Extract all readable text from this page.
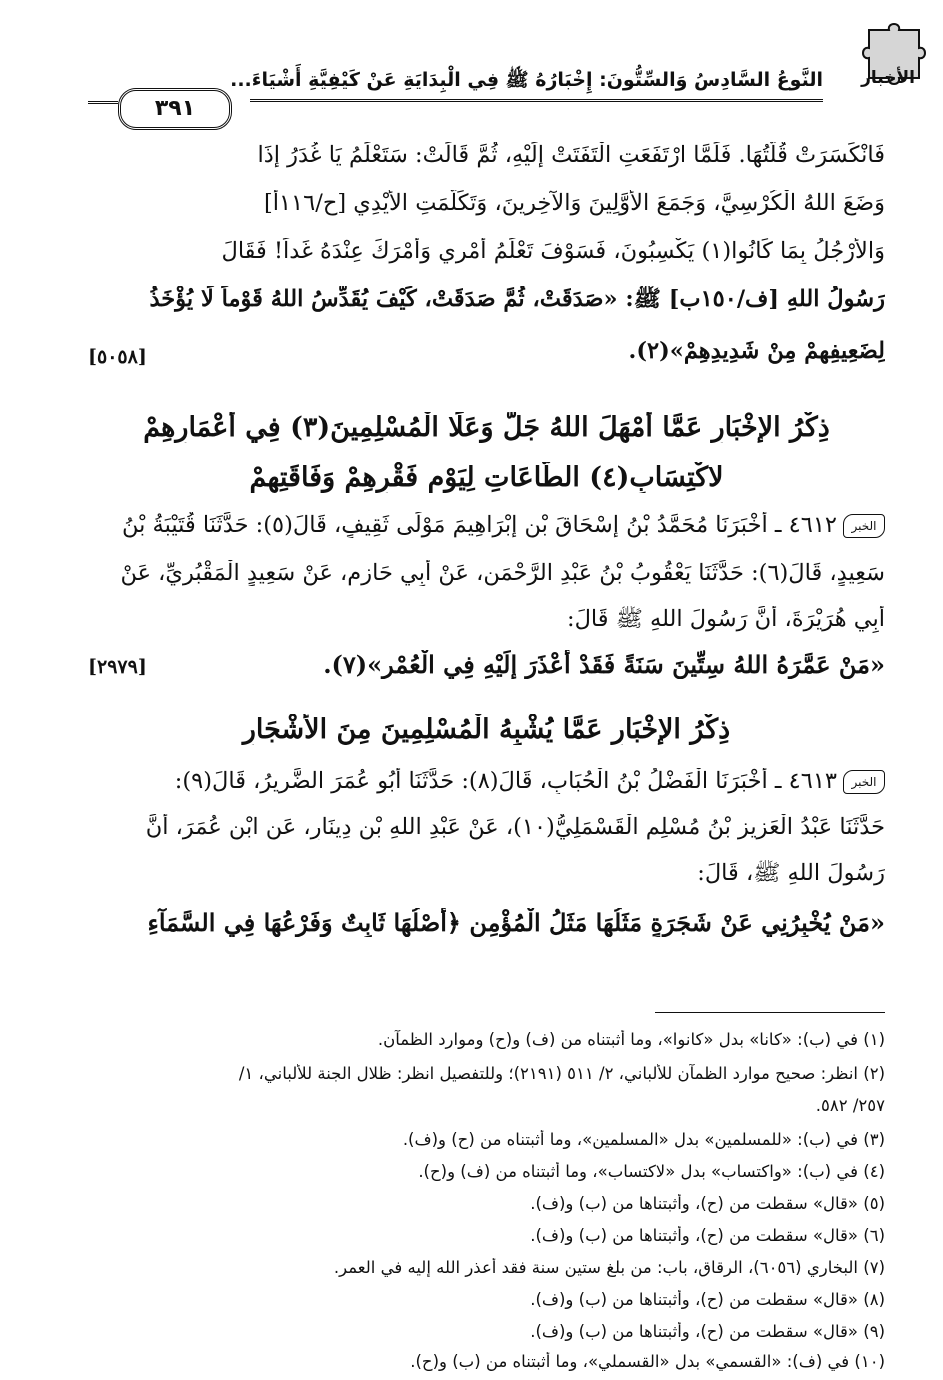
الأخبار
النَّوعُ السَّادِسُ وَالسِّتُّونَ: إِخْبَارُهُ ﷺ فِي الْبِدَايَةِ عَنْ كَيْفِيَّةِ أَشْيَاءَ...
٣٩١
فَانْكَسَرَتْ قُلَّتُهَا. فَلَمَّا ارْتَفَعَتِ الْتَفَتَتْ إِلَيْهِ، ثُمَّ قَالَتْ: سَتَعْلَمُ يَا غُدَرُ إِذَا
وَضَعَ اللهُ الْكُرْسِيَّ، وَجَمَعَ الأَوَّلِينَ وَالآخِرِينَ، وَتَكَلَّمَتِ الأَيْدِي [ح/١١٦أ]
وَالأَرْجُلُ بِمَا كَانُوا(١) يَكْسِبُونَ، فَسَوْفَ تَعْلَمُ أَمْرِي وَأَمْرَكَ عِنْدَهُ غَداً! فَقَالَ
رَسُولُ اللهِ [ف/١٥٠ب] ﷺ: «صَدَقَتْ، ثُمَّ صَدَقَتْ، كَيْفَ يُقَدِّسُ اللهُ قَوْماً لَا يُؤْخَذُ
لِضَعِيفِهِمْ مِنْ شَدِيدِهِمْ»(٢).
[٥٠٥٨]
ذِكْرُ الإِخْبَارِ عَمَّا أَمْهَلَ اللهُ جَلَّ وَعَلَا الْمُسْلِمِينَ(٣) فِي أَعْمَارِهِمْ
لاكْتِسَابِ(٤) الطَّاعَاتِ لِيَوْمِ فَقْرِهِمْ وَفَاقَتِهِمْ
الخبر٤٦١٢ ـ أَخْبَرَنَا مُحَمَّدُ بْنُ إِسْحَاقَ بْنِ إِبْرَاهِيمَ مَوْلَى ثَقِيفٍ، قَالَ(٥): حَدَّثَنَا قُتَيْبَةُ بْنُ
سَعِيدٍ، قَالَ(٦): حَدَّثَنَا يَعْقُوبُ بْنُ عَبْدِ الرَّحْمَنِ، عَنْ أَبِي حَازِمٍ، عَنْ سَعِيدٍ الْمَقْبُرِيِّ، عَنْ
أَبِي هُرَيْرَةَ، أَنَّ رَسُولَ اللهِ ﷺ قَالَ:
«مَنْ عَمَّرَهُ اللهُ سِتِّينَ سَنَةً فَقَدْ أَعْذَرَ إِلَيْهِ فِي الْعُمْرِ»(٧).
[٢٩٧٩]
ذِكْرُ الإِخْبَارِ عَمَّا يُشْبِهُ الْمُسْلِمِينَ مِنَ الأَشْجَارِ
الخبر٤٦١٣ ـ أَخْبَرَنَا الْفَضْلُ بْنُ الْحُبَابِ، قَالَ(٨): حَدَّثَنَا أَبُو عُمَرَ الضَّرِيرُ، قَالَ(٩):
حَدَّثَنَا عَبْدُ الْعَزِيزِ بْنُ مُسْلِمٍ الْقَسْمَلِيُّ(١٠)، عَنْ عَبْدِ اللهِ بْنِ دِينَارٍ، عَنِ ابْنِ عُمَرَ، أَنَّ
رَسُولَ اللهِ ﷺ، قَالَ:
«مَنْ يُخْبِرُنِي عَنْ شَجَرَةٍ مَثَلُهَا مَثَلُ الْمُؤْمِنِ ﴿أَصْلُهَا ثَابِتٌ وَفَرْعُهَا فِي السَّمَآءِ
(١) في (ب): «كانا» بدل «كانوا»، وما أثبتناه من (ف) و(ح) وموارد الظمآن.
(٢) انظر: صحيح موارد الظمآن للألباني، ٢/ ٥١١ (٢١٩١)؛ وللتفصيل انظر: ظلال الجنة للألباني، ١/
٢٥٧/ ٥٨٢.
(٣) في (ب): «للمسلمين» بدل «المسلمين»، وما أثبتناه من (ح) و(ف).
(٤) في (ب): «واكتساب» بدل «لاكتساب»، وما أثبتناه من (ف) و(ح).
(٥) «قال» سقطت من (ح)، وأثبتناها من (ب) و(ف).
(٦) «قال» سقطت من (ح)، وأثبتناها من (ب) و(ف).
(٧) البخاري (٦٠٥٦)، الرقاق، باب: من بلغ ستين سنة فقد أعذر الله إليه في العمر.
(٨) «قال» سقطت من (ح)، وأثبتناها من (ب) و(ف).
(٩) «قال» سقطت من (ح)، وأثبتناها من (ب) و(ف).
(١٠) في (ف): «القسمي» بدل «القسملي»، وما أثبتناه من (ب) و(ح).
